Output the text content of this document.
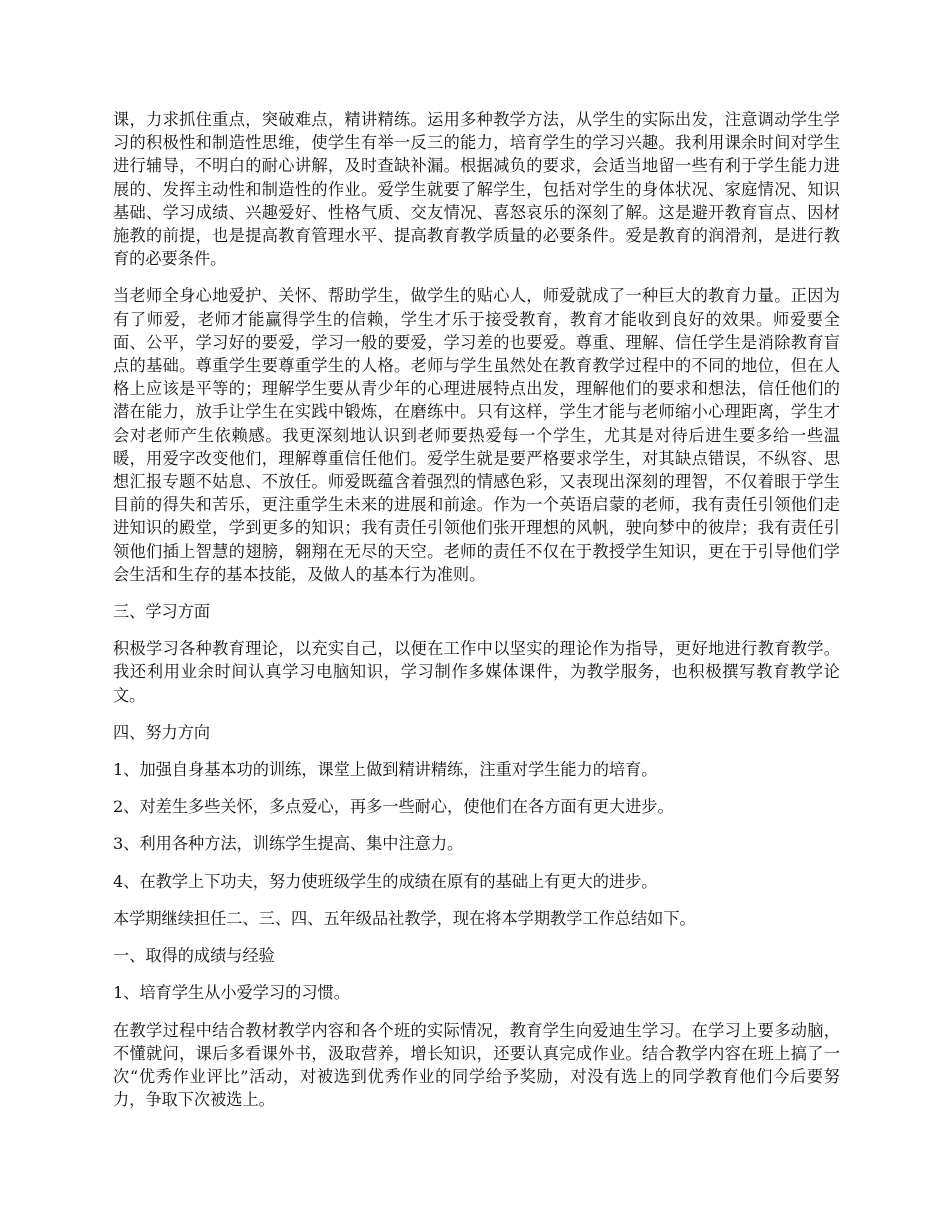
课，力求抓住重点，突破难点，精讲精练。运用多种教学方法，从学生的实际出发，注意调动学生学习的积极性和制造性思维，使学生有举一反三的能力，培育学生的学习兴趣。我利用课余时间对学生进行辅导，不明白的耐心讲解，及时查缺补漏。根据减负的要求，会适当地留一些有利于学生能力进展的、发挥主动性和制造性的作业。爱学生就要了解学生，包括对学生的身体状况、家庭情况、知识基础、学习成绩、兴趣爱好、性格气质、交友情况、喜怒哀乐的深刻了解。这是避开教育盲点、因材施教的前提，也是提高教育管理水平、提高教育教学质量的必要条件。爱是教育的润滑剂，是进行教育的必要条件。

当老师全身心地爱护、关怀、帮助学生，做学生的贴心人，师爱就成了一种巨大的教育力量。正因为有了师爱，老师才能赢得学生的信赖，学生才乐于接受教育，教育才能收到良好的效果。师爱要全面、公平，学习好的要爱，学习一般的要爱，学习差的也要爱。尊重、理解、信任学生是消除教育盲点的基础。尊重学生要尊重学生的人格。老师与学生虽然处在教育教学过程中的不同的地位，但在人格上应该是平等的；理解学生要从青少年的心理进展特点出发，理解他们的要求和想法，信任他们的潜在能力，放手让学生在实践中锻炼，在磨练中。只有这样，学生才能与老师缩小心理距离，学生才会对老师产生依赖感。我更深刻地认识到老师要热爱每一个学生，尤其是对待后进生要多给一些温暖，用爱字改变他们，理解尊重信任他们。爱学生就是要严格要求学生，对其缺点错误，不纵容、思想汇报专题不姑息、不放任。师爱既蕴含着强烈的情感色彩，又表现出深刻的理智，不仅着眼于学生目前的得失和苦乐，更注重学生未来的进展和前途。作为一个英语启蒙的老师，我有责任引领他们走进知识的殿堂，学到更多的知识；我有责任引领他们张开理想的风帆，驶向梦中的彼岸；我有责任引领他们插上智慧的翅膀，翱翔在无尽的天空。老师的责任不仅在于教授学生知识，更在于引导他们学会生活和生存的基本技能，及做人的基本行为准则。

三、学习方面

积极学习各种教育理论，以充实自己，以便在工作中以坚实的理论作为指导，更好地进行教育教学。我还利用业余时间认真学习电脑知识，学习制作多媒体课件，为教学服务，也积极撰写教育教学论文。

四、努力方向

1、加强自身基本功的训练，课堂上做到精讲精练，注重对学生能力的培育。

2、对差生多些关怀，多点爱心，再多一些耐心，使他们在各方面有更大进步。

3、利用各种方法，训练学生提高、集中注意力。

4、在教学上下功夫，努力使班级学生的成绩在原有的基础上有更大的进步。

本学期继续担任二、三、四、五年级品社教学，现在将本学期教学工作总结如下。

一、取得的成绩与经验

1、培育学生从小爱学习的习惯。

在教学过程中结合教材教学内容和各个班的实际情况，教育学生向爱迪生学习。在学习上要多动脑，不懂就问，课后多看课外书，汲取营养，增长知识，还要认真完成作业。结合教学内容在班上搞了一次“优秀作业评比”活动，对被选到优秀作业的同学给予奖励，对没有选上的同学教育他们今后要努力，争取下次被选上。
